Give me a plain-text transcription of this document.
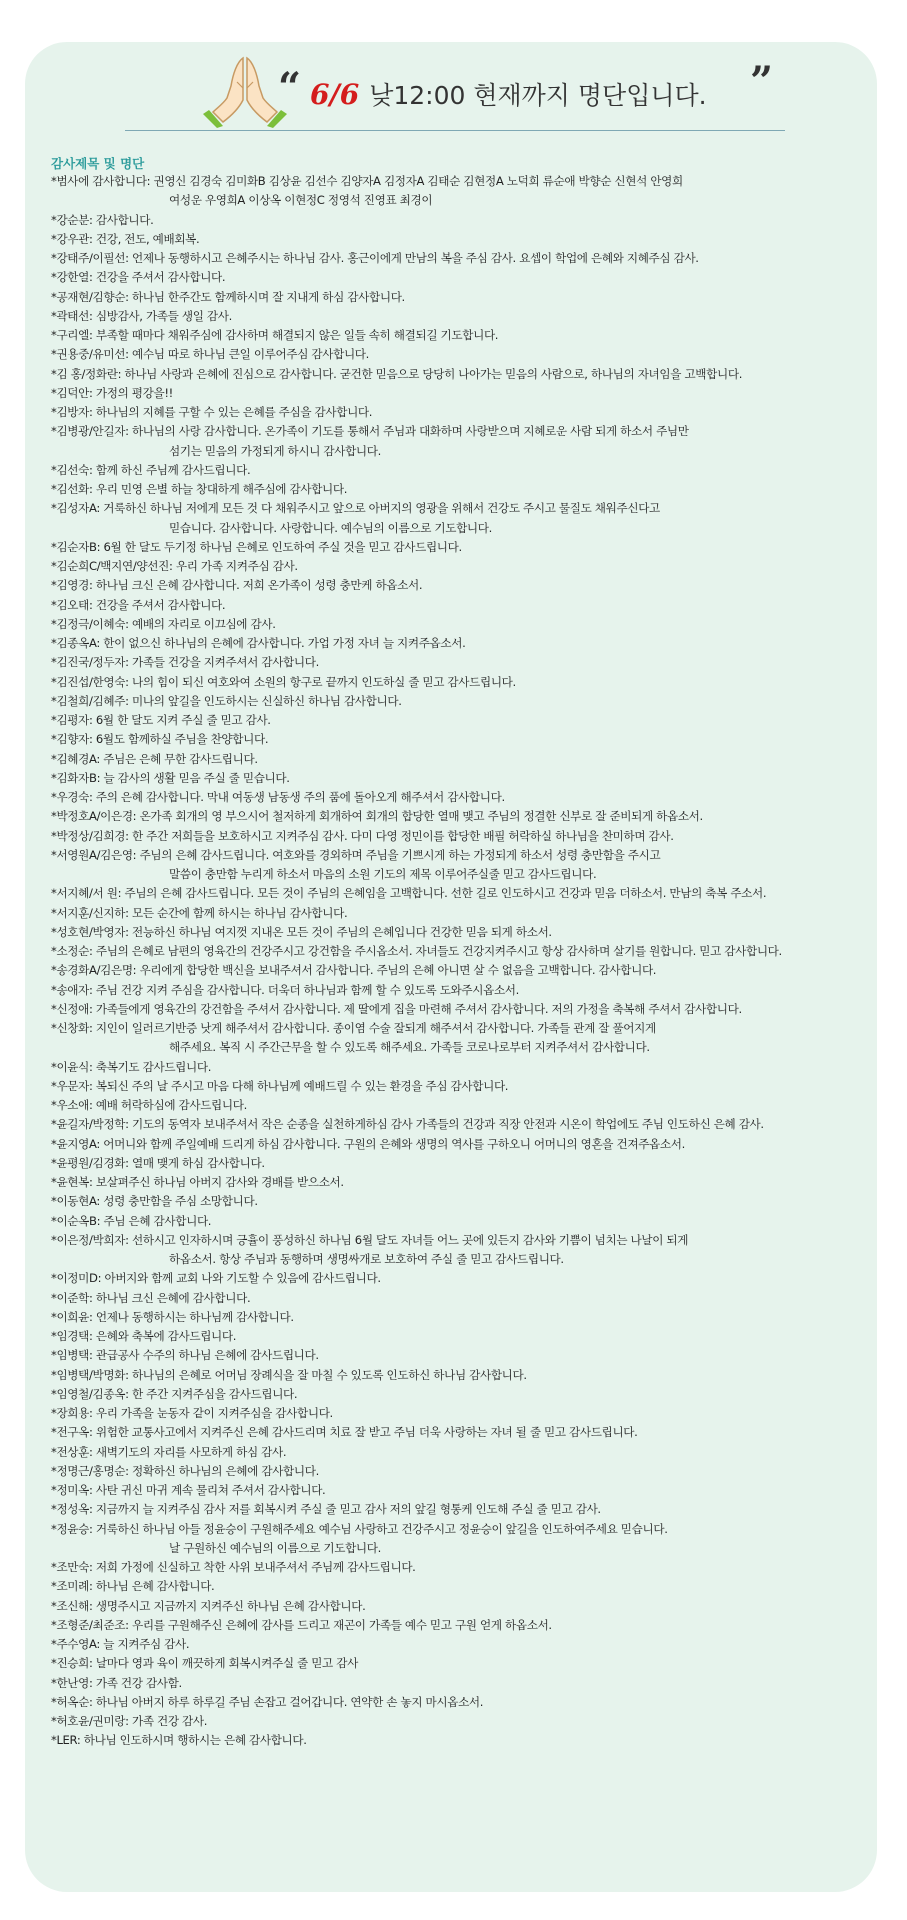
“ 6/6 낮12:00 현재까지 명단입니다. ”
감사제목 및 명단
*범사에 감사합니다: 권영신 김경숙 김미화B 김상윤 김선수 김양자A 김정자A 김태순 김현정A 노덕희 류순애 박향순 신현석 안영희
여성운 우영희A 이상옥 이현정C 정영석 진영표 최경이
*강순분: 감사합니다.
*강우관: 건강, 전도, 예배회복.
*강태주/이필선: 언제나 동행하시고 은혜주시는 하나님 감사. 홍근이에게 만남의 복을 주심 감사. 요셉이 학업에 은혜와 지혜주심 감사.
*강한열: 건강을 주셔서 감사합니다.
*공재현/김향순: 하나님 한주간도 함께하시며 잘 지내게 하심 감사합니다.
*곽태선: 심방감사, 가족들 생일 감사.
*구리엘: 부족할 때마다 채워주심에 감사하며 해결되지 않은 일들 속히 해결되길 기도합니다.
*권용중/유미선: 예수님 따로 하나님 큰일 이루어주심 감사합니다.
*김 홍/정화란: 하나님 사랑과 은혜에 진심으로 감사합니다. 굳건한 믿음으로 당당히 나아가는 믿음의 사람으로, 하나님의 자녀임을 고백합니다.
*김덕안: 가정의 평강을!!
*김방자: 하나님의 지혜를 구할 수 있는 은혜를 주심을 감사합니다.
*김병광/안길자: 하나님의 사랑 감사합니다. 온가족이 기도를 통해서 주님과 대화하며 사랑받으며 지혜로운 사람 되게 하소서 주님만
섬기는 믿음의 가정되게 하시니 감사합니다.
*김선숙: 함께 하신 주님께 감사드립니다.
*김선화: 우리 민영 은별 하늘 창대하게 해주심에 감사합니다.
*김성자A: 거룩하신 하나님 저에게 모든 것 다 채워주시고 앞으로 아버지의 영광을 위해서 건강도 주시고 물질도 채워주신다고
믿습니다. 감사합니다. 사랑합니다. 예수님의 이름으로 기도합니다.
*김순자B: 6월 한 달도 두기정 하나님 은혜로 인도하여 주실 것을 믿고 감사드립니다.
*김순희C/백지연/양선진: 우리 가족 지켜주심 감사.
*김영경: 하나님 크신 은혜 감사합니다. 저희 온가족이 성령 충만케 하옵소서.
*김오태: 건강을 주셔서 감사합니다.
*김정극/이혜숙: 예배의 자리로 이끄심에 감사.
*김종옥A: 한이 없으신 하나님의 은혜에 감사합니다. 가업 가정 자녀 늘 지켜주옵소서.
*김진국/정두자: 가족들 건강을 지켜주셔서 감사합니다.
*김진섭/한영숙: 나의 힘이 되신 여호와여 소원의 항구로 끝까지 인도하실 줄 믿고 감사드립니다.
*김철희/김혜주: 미나의 앞길을 인도하시는 신실하신 하나님 감사합니다.
*김평자: 6월 한 달도 지켜 주실 줄 믿고 감사.
*김향자: 6월도 함께하실 주님을 찬양합니다.
*김혜경A: 주님은 은혜 무한 감사드립니다.
*김화자B: 늘 감사의 생활 믿음 주실 줄 믿습니다.
*우경숙: 주의 은혜 감사합니다. 막내 여동생 남동생 주의 품에 돌아오게 해주셔서 감사합니다.
*박정호A/이은경: 온가족 회개의 영 부으시어 철저하게 회개하여 회개의 합당한 열매 맺고 주님의 정결한 신부로 잘 준비되게 하옵소서.
*박정상/김희경: 한 주간 저희들을 보호하시고 지켜주심 감사. 다미 다영 정민이를 합당한 배필 허락하실 하나님을 찬미하며 감사.
*서영원A/김은영: 주님의 은혜 감사드립니다. 여호와를 경외하며 주님을 기쁘시게 하는 가정되게 하소서 성령 충만함을 주시고
말씀이 충만함 누리게 하소서 마음의 소원 기도의 제목 이루어주실줄 믿고 감사드립니다.
*서지혜/서 원: 주님의 은혜 감사드립니다. 모든 것이 주님의 은혜임을 고백합니다. 선한 길로 인도하시고 건강과 믿음 더하소서. 만남의 축복 주소서.
*서지훈/신지하: 모든 순간에 함께 하시는 하나님 감사합니다.
*성호현/박영자: 전능하신 하나님 여지껏 지내온 모든 것이 주님의 은혜입니다 건강한 믿음 되게 하소서.
*소정순: 주님의 은혜로 남편의 영육간의 건강주시고 강건함을 주시옵소서. 자녀들도 건강지켜주시고 항상 감사하며 살기를 원합니다. 믿고 감사합니다.
*송경화A/김은명: 우리에게 합당한 백신을 보내주셔서 감사합니다. 주님의 은혜 아니면 살 수 없음을 고백합니다. 감사합니다.
*송애자: 주님 건강 지켜 주심을 감사합니다. 더욱더 하나님과 함께 할 수 있도록 도와주시옵소서.
*신정애: 가족들에게 영육간의 강건함을 주셔서 감사합니다. 제 딸에게 집을 마련해 주셔서 감사합니다. 저의 가정을 축복해 주셔서 감사합니다.
*신창화: 지인이 일러르기반증 낫게 해주셔서 감사합니다. 종이염 수술 잘되게 해주셔서 감사합니다. 가족들 관계 잘 풀어지게
해주세요. 복직 시 주간근무을 할 수 있도록 해주세요. 가족들 코로나로부터 지켜주셔서 감사합니다.
*이윤식: 축복기도 감사드립니다.
*우문자: 복되신 주의 날 주시고 마음 다해 하나님께 예배드릴 수 있는 환경을 주심 감사합니다.
*우소애: 예배 허락하심에 감사드립니다.
*윤길자/박정학: 기도의 동역자 보내주셔서 작은 순종을 실천하게하심 감사 가족들의 건강과 직장 안전과 시온이 학업에도 주님 인도하신 은혜 감사.
*윤지영A: 어머니와 함께 주일예배 드리게 하심 감사합니다. 구원의 은혜와 생명의 역사를 구하오니 어머니의 영혼을 건져주옵소서.
*윤평원/김경화: 열매 맺게 하심 감사합니다.
*윤현복: 보살펴주신 하나님 아버지 감사와 경배를 받으소서.
*이동현A: 성령 충만함을 주심 소망합니다.
*이순옥B: 주님 은혜 감사합니다.
*이은정/박희자: 선하시고 인자하시며 긍휼이 풍성하신 하나님 6월 달도 자녀들 어느 곳에 있든지 감사와 기쁨이 넘치는 나날이 되게
하옵소서. 항상 주님과 동행하며 생명싸개로 보호하여 주실 줄 믿고 감사드립니다.
*이정미D: 아버지와 함께 교회 나와 기도할 수 있음에 감사드립니다.
*이준학: 하나님 크신 은혜에 감사합니다.
*이희윤: 언제나 동행하시는 하나님께 감사합니다.
*임경택: 은혜와 축복에 감사드립니다.
*임병택: 관급공사 수주의 하나님 은혜에 감사드립니다.
*임병택/박명화: 하나님의 은혜로 어머님 장례식을 잘 마칠 수 있도록 인도하신 하나님 감사합니다.
*임영철/김종옥: 한 주간 지켜주심을 감사드립니다.
*장희용: 우리 가족을 눈동자 같이 지켜주심을 감사합니다.
*전구옥: 위험한 교통사고에서 지켜주신 은혜 감사드리며 치료 잘 받고 주님 더욱 사랑하는 자녀 될 줄 믿고 감사드립니다.
*전상훈: 새벽기도의 자리를 사모하게 하심 감사.
*정명근/홍명순: 정확하신 하나님의 은혜에 감사합니다.
*정미옥: 사탄 귀신 마귀 계속 물리쳐 주셔서 감사합니다.
*정성옥: 지금까지 늘 지켜주심 감사 저를 회복시켜 주실 줄 믿고 감사 저의 앞길 형통케 인도해 주실 줄 믿고 감사.
*정윤승: 거룩하신 하나님 아들 정윤승이 구원해주세요 예수님 사랑하고 건강주시고 정윤승이 앞길을 인도하여주세요 믿습니다.
날 구원하신 예수님의 이름으로 기도합니다.
*조만숙: 저희 가정에 신실하고 착한 사위 보내주셔서 주님께 감사드립니다.
*조미례: 하나님 은혜 감사합니다.
*조신해: 생명주시고 지금까지 지켜주신 하나님 은혜 감사합니다.
*조형준/최준조: 우리를 구원해주신 은혜에 감사를 드리고 재곤이 가족들 예수 믿고 구원 얻게 하옵소서.
*주수영A: 늘 지켜주심 감사.
*진승희: 날마다 영과 육이 깨끗하게 회복시켜주실 줄 믿고 감사
*한난영: 가족 건강 감사함.
*허옥순: 하나님 아버지 하루 하루길 주님 손잡고 걸어갑니다. 연약한 손 놓지 마시옵소서.
*허호윤/권미랑: 가족 건강 감사.
*LER: 하나님 인도하시며 행하시는 은혜 감사합니다.
